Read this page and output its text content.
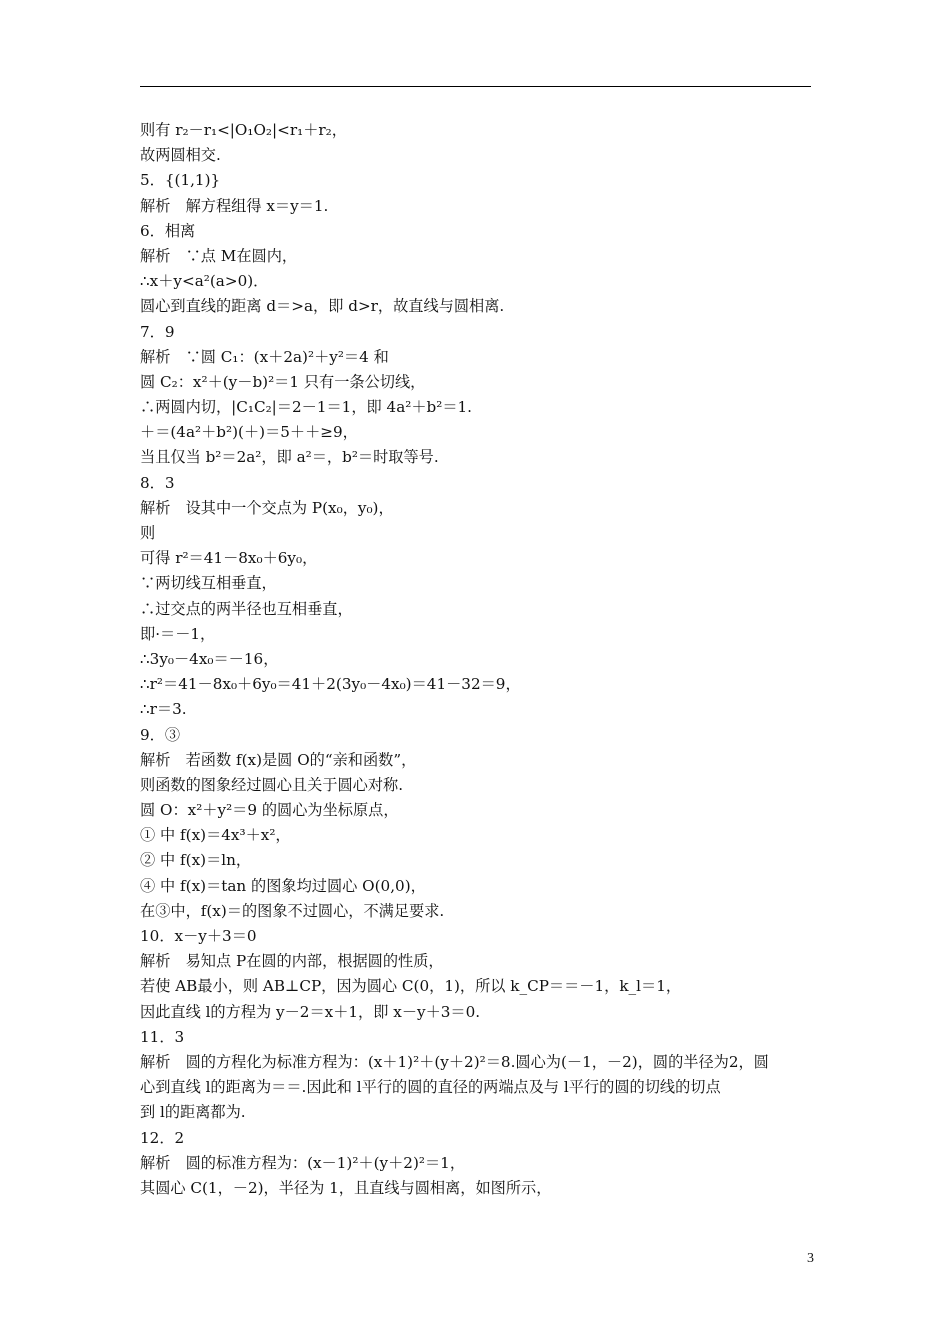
则有 r₂－r₁<|O₁O₂|<r₁＋r₂，
故两圆相交.
5．{(1,1)}
解析　解方程组得 x＝y＝1.
6．相离
解析　∵点 M在圆内，
∴x＋y<a²(a>0)．
圆心到直线的距离 d＝>a，即 d>r，故直线与圆相离.
7．9
解析　∵圆 C₁：(x＋2a)²＋y²＝4 和
圆 C₂：x²＋(y－b)²＝1 只有一条公切线，
∴两圆内切，|C₁C₂|＝2－1＝1，即 4a²＋b²＝1.
＋＝(4a²＋b²)(＋)＝5＋＋≥9，
当且仅当 b²＝2a²，即 a²＝，b²＝时取等号.
8．3
解析　设其中一个交点为 P(x₀，y₀)，
则
可得 r²＝41－8x₀＋6y₀，
∵两切线互相垂直，
∴过交点的两半径也互相垂直，
即·＝－1，
∴3y₀－4x₀＝－16，
∴r²＝41－8x₀＋6y₀＝41＋2(3y₀－4x₀)＝41－32＝9，
∴r＝3.
9．③
解析　若函数 f(x)是圆 O的“亲和函数”，
则函数的图象经过圆心且关于圆心对称.
圆 O：x²＋y²＝9 的圆心为坐标原点，
① 中 f(x)＝4x³＋x²，
② 中 f(x)＝ln，
④ 中 f(x)＝tan 的图象均过圆心 O(0,0)，
在③中，f(x)＝的图象不过圆心，不满足要求.
10．x－y＋3＝0
解析　易知点 P在圆的内部，根据圆的性质，
若使 AB最小，则 AB⊥CP，因为圆心 C(0，1)，所以 k_CP＝＝－1，k_l＝1，
因此直线 l的方程为 y－2＝x＋1，即 x－y＋3＝0.
11．3
解析　圆的方程化为标准方程为：(x＋1)²＋(y＋2)²＝8.圆心为(－1，－2)，圆的半径为2，圆
心到直线 l的距离为＝＝.因此和 l平行的圆的直径的两端点及与 l平行的圆的切线的切点
到 l的距离都为.
12．2
解析　圆的标准方程为：(x－1)²＋(y＋2)²＝1，
其圆心 C(1，－2)，半径为 1，且直线与圆相离，如图所示，
3
